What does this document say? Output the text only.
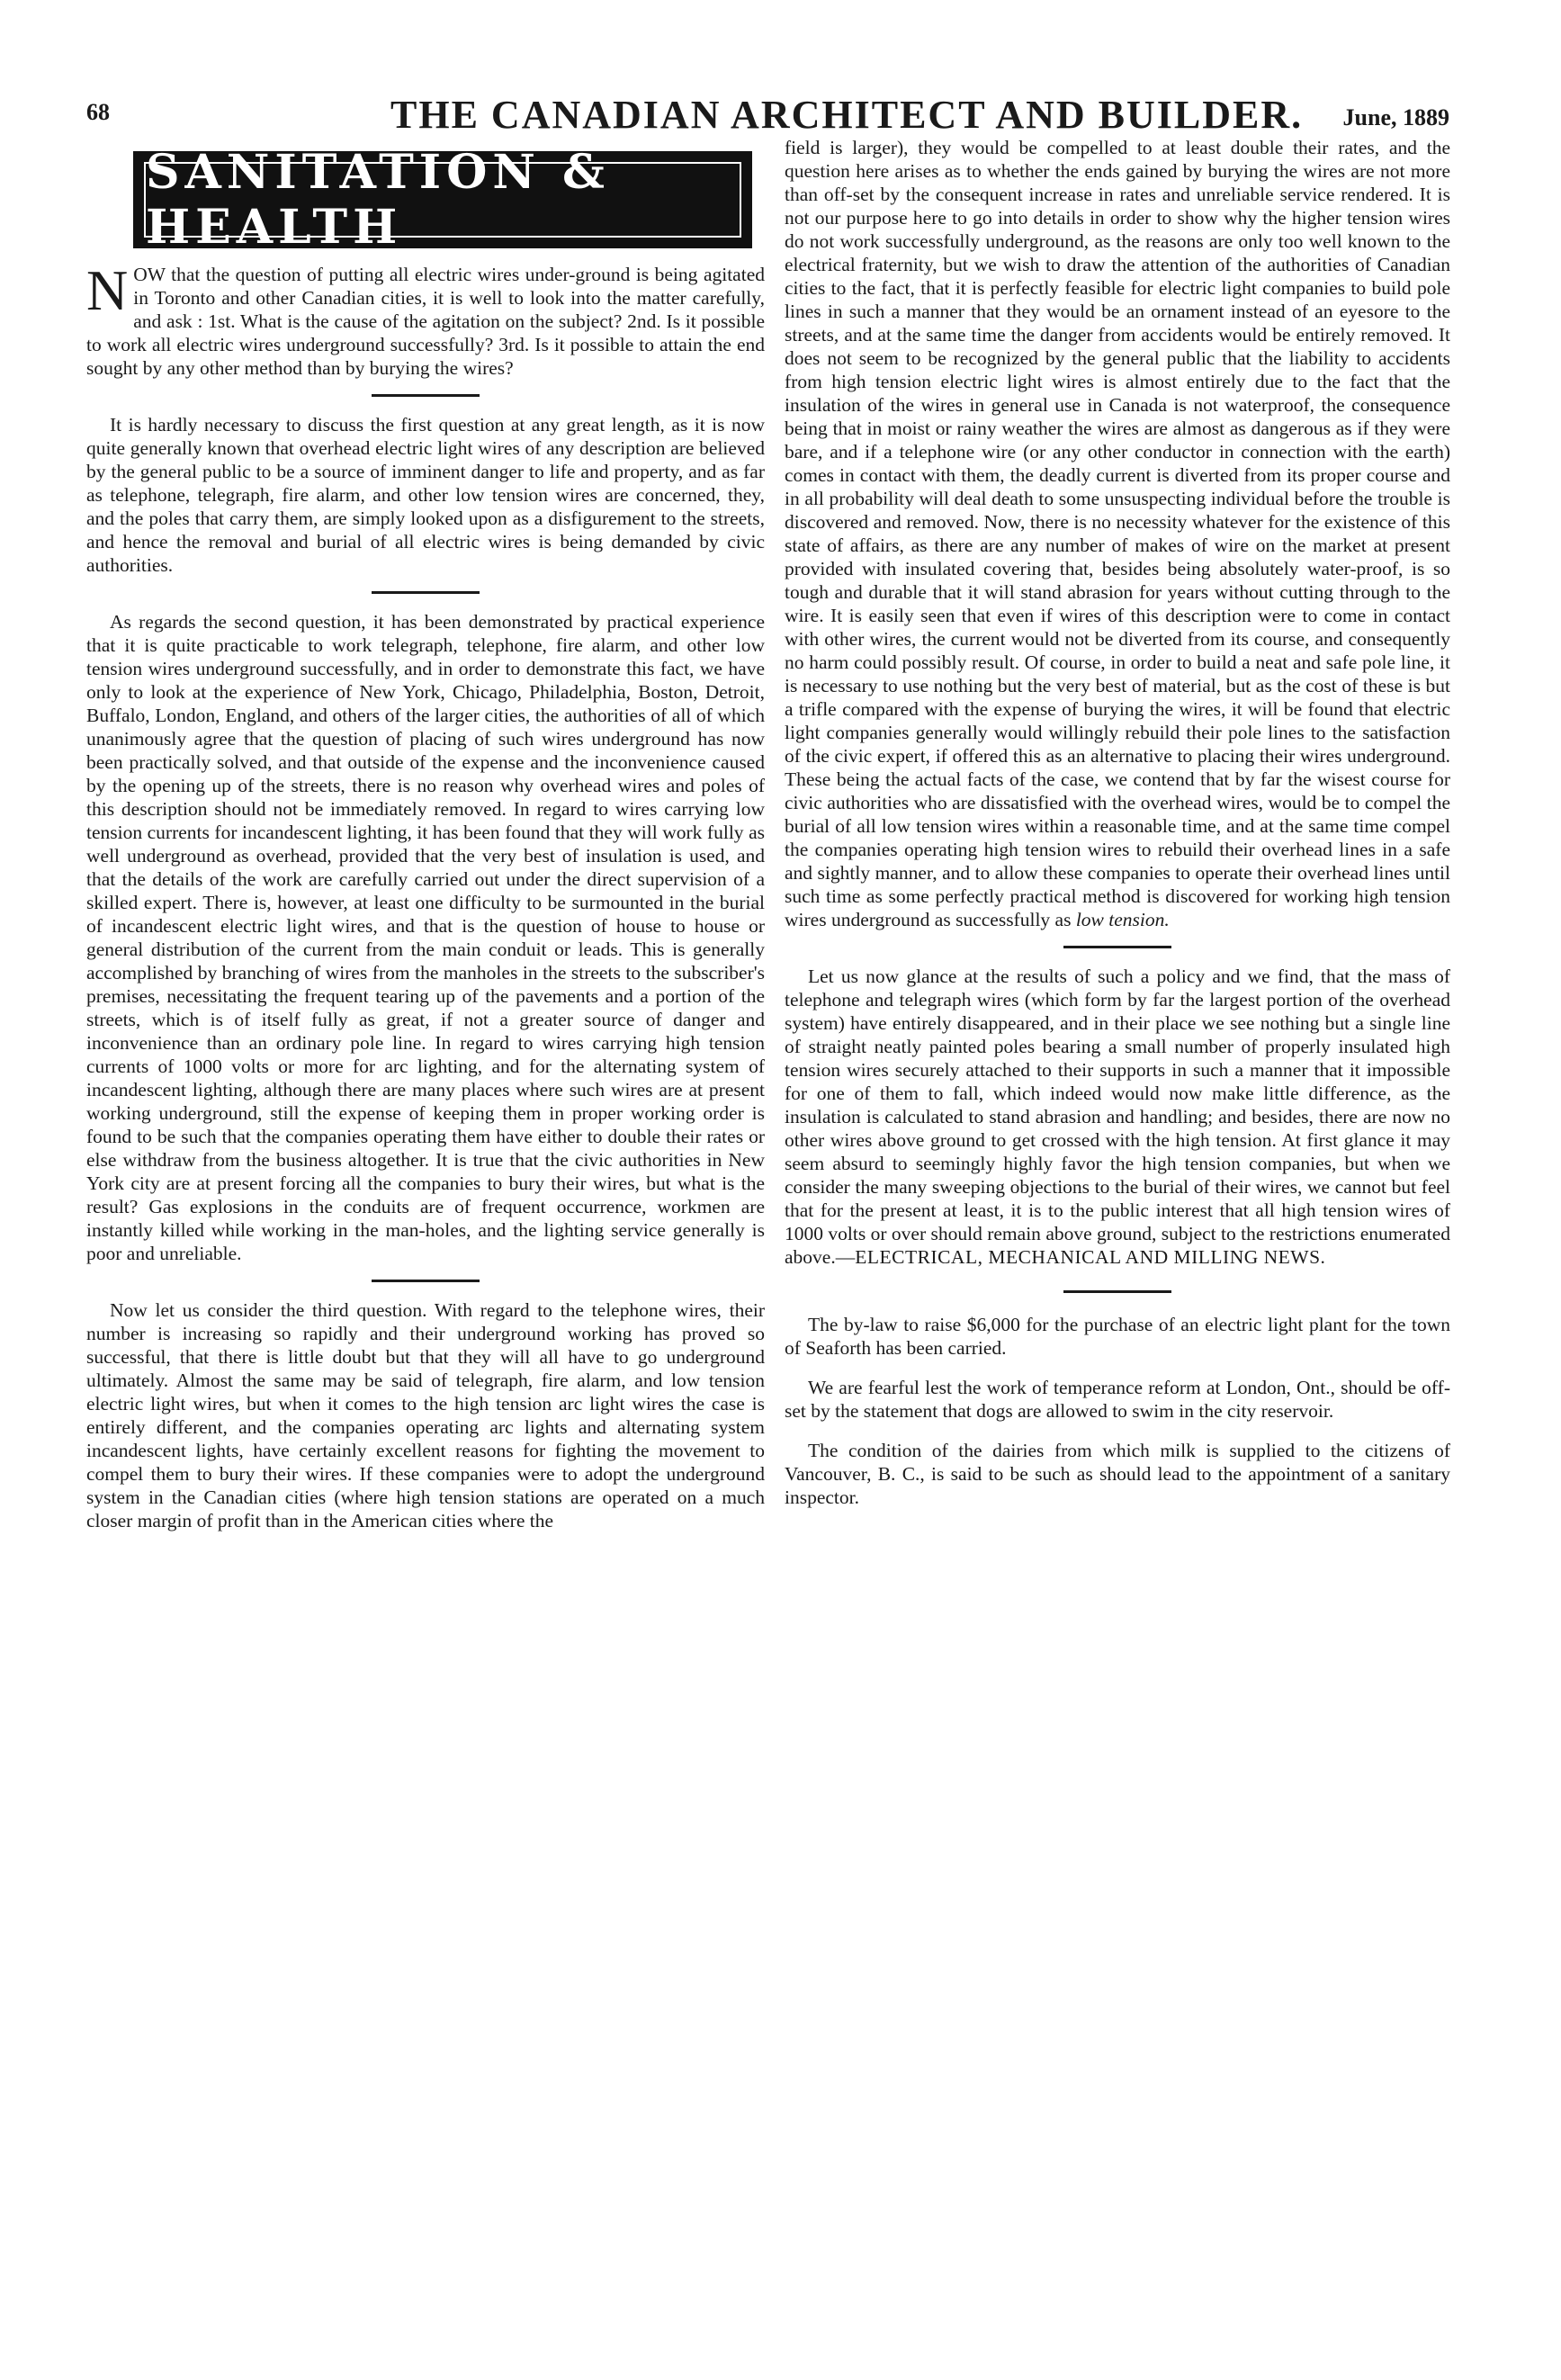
68	THE CANADIAN ARCHITECT AND BUILDER. June, 1889
SANITATION & HEALTH

NOW that the question of putting all electric wires under-ground is being agitated in Toronto and other Canadian cities, it is well to look into the matter carefully, and ask : 1st. What is the cause of the agitation on the subject? 2nd. Is it possible to work all electric wires underground successfully? 3rd. Is it possible to attain the end sought by any other method than by burying the wires?

It is hardly necessary to discuss the first question at any great length, as it is now quite generally known that overhead electric light wires of any description are believed by the general public to be a source of imminent danger to life and property, and as far as telephone, telegraph, fire alarm, and other low tension wires are concerned, they, and the poles that carry them, are simply looked upon as a disfigurement to the streets, and hence the removal and burial of all electric wires is being demanded by civic authorities.

As regards the second question, it has been demonstrated by practical experience that it is quite practicable to work telegraph, telephone, fire alarm, and other low tension wires underground successfully, and in order to demonstrate this fact, we have only to look at the experience of New York, Chicago, Philadelphia, Boston, Detroit, Buffalo, London, England, and others of the larger cities, the authorities of all of which unanimously agree that the question of placing of such wires underground has now been practically solved, and that outside of the expense and the inconvenience caused by the opening up of the streets, there is no reason why overhead wires and poles of this description should not be immediately removed. In regard to wires carrying low tension currents for incandescent lighting, it has been found that they will work fully as well underground as overhead, provided that the very best of insulation is used, and that the details of the work are carefully carried out under the direct supervision of a skilled expert. There is, however, at least one difficulty to be surmounted in the burial of incandescent electric light wires, and that is the question of house to house or general distribution of the current from the main conduit or leads. This is generally accomplished by branching of wires from the manholes in the streets to the subscriber's premises, necessitating the frequent tearing up of the pavements and a portion of the streets, which is of itself fully as great, if not a greater source of danger and inconvenience than an ordinary pole line. In regard to wires carrying high tension currents of 1000 volts or more for arc lighting, and for the alternating system of incandescent lighting, although there are many places where such wires are at present working underground, still the expense of keeping them in proper working order is found to be such that the companies operating them have either to double their rates or else withdraw from the business altogether. It is true that the civic authorities in New York city are at present forcing all the companies to bury their wires, but what is the result? Gas explosions in the conduits are of frequent occurrence, workmen are instantly killed while working in the man-holes, and the lighting service generally is poor and unreliable.

Now let us consider the third question. With regard to the telephone wires, their number is increasing so rapidly and their underground working has proved so successful, that there is little doubt but that they will all have to go underground ultimately. Almost the same may be said of telegraph, fire alarm, and low tension electric light wires, but when it comes to the high tension arc light wires the case is entirely different, and the companies operating arc lights and alternating system incandescent lights, have certainly excellent reasons for fighting the movement to compel them to bury their wires. If these companies were to adopt the underground system in the Canadian cities (where high tension stations are operated on a much closer margin of profit than in the American cities where the

field is larger), they would be compelled to at least double their rates, and the question here arises as to whether the ends gained by burying the wires are not more than off-set by the consequent increase in rates and unreliable service rendered. It is not our purpose here to go into details in order to show why the higher tension wires do not work successfully underground, as the reasons are only too well known to the electrical fraternity, but we wish to draw the attention of the authorities of Canadian cities to the fact, that it is perfectly feasible for electric light companies to build pole lines in such a manner that they would be an ornament instead of an eyesore to the streets, and at the same time the danger from accidents would be entirely removed. It does not seem to be recognized by the general public that the liability to accidents from high tension electric light wires is almost entirely due to the fact that the insulation of the wires in general use in Canada is not waterproof, the consequence being that in moist or rainy weather the wires are almost as dangerous as if they were bare, and if a telephone wire (or any other conductor in connection with the earth) comes in contact with them, the deadly current is diverted from its proper course and in all probability will deal death to some unsuspecting individual before the trouble is discovered and removed. Now, there is no necessity whatever for the existence of this state of affairs, as there are any number of makes of wire on the market at present provided with insulated covering that, besides being absolutely water-proof, is so tough and durable that it will stand abrasion for years without cutting through to the wire. It is easily seen that even if wires of this description were to come in contact with other wires, the current would not be diverted from its course, and consequently no harm could possibly result. Of course, in order to build a neat and safe pole line, it is necessary to use nothing but the very best of material, but as the cost of these is but a trifle compared with the expense of burying the wires, it will be found that electric light companies generally would willingly rebuild their pole lines to the satisfaction of the civic expert, if offered this as an alternative to placing their wires underground. These being the actual facts of the case, we contend that by far the wisest course for civic authorities who are dissatisfied with the overhead wires, would be to compel the burial of all low tension wires within a reasonable time, and at the same time compel the companies operating high tension wires to rebuild their overhead lines in a safe and sightly manner, and to allow these companies to operate their overhead lines until such time as some perfectly practical method is discovered for working high tension wires underground as successfully as low tension.

Let us now glance at the results of such a policy and we find, that the mass of telephone and telegraph wires (which form by far the largest portion of the overhead system) have entirely disappeared, and in their place we see nothing but a single line of straight neatly painted poles bearing a small number of properly insulated high tension wires securely attached to their supports in such a manner that it impossible for one of them to fall, which indeed would now make little difference, as the insulation is calculated to stand abrasion and handling; and besides, there are now no other wires above ground to get crossed with the high tension. At first glance it may seem absurd to seemingly highly favor the high tension companies, but when we consider the many sweeping objections to the burial of their wires, we cannot but feel that for the present at least, it is to the public interest that all high tension wires of 1000 volts or over should remain above ground, subject to the restrictions enumerated above.—ELECTRICAL, MECHANICAL AND MILLING NEWS.

The by-law to raise $6,000 for the purchase of an electric light plant for the town of Seaforth has been carried.

We are fearful lest the work of temperance reform at London, Ont., should be off-set by the statement that dogs are allowed to swim in the city reservoir.

The condition of the dairies from which milk is supplied to the citizens of Vancouver, B. C., is said to be such as should lead to the appointment of a sanitary inspector.
